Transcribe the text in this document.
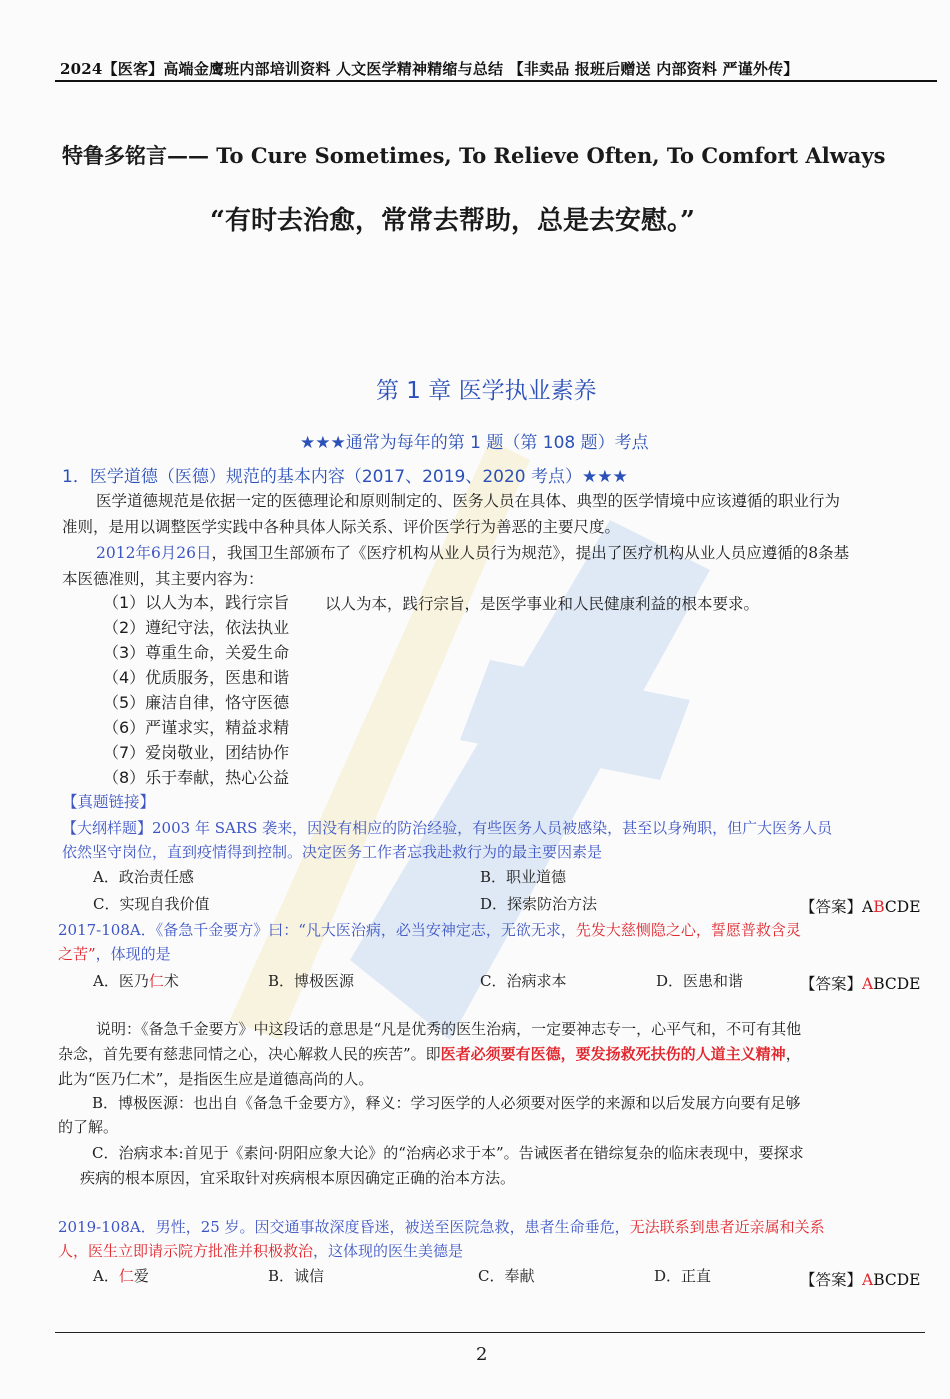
2024【医客】高端金鹰班内部培训资料 人文医学精神精缩与总结 【非卖品 报班后赠送 内部资料 严谨外传】
特鲁多铭言—— To Cure Sometimes, To Relieve Often, To Comfort Always
“有时去治愈，常常去帮助，总是去安慰。”
第 1 章 医学执业素养
★★★通常为每年的第 1 题（第 108 题）考点
1．医学道德（医德）规范的基本内容（2017、2019、2020 考点）★★★
医学道德规范是依据一定的医德理论和原则制定的、医务人员在具体、典型的医学情境中应该遵循的职业行为
准则，是用以调整医学实践中各种具体人际关系、评价医学行为善恶的主要尺度。
2012年6月26日，我国卫生部颁布了《医疗机构从业人员行为规范》，提出了医疗机构从业人员应遵循的8条基
本医德准则，其主要内容为：
（1）以人为本，践行宗旨 以人为本，践行宗旨，是医学事业和人民健康利益的根本要求。
（2）遵纪守法，依法执业
（3）尊重生命，关爱生命
（4）优质服务，医患和谐
（5）廉洁自律，恪守医德
（6）严谨求实，精益求精
（7）爱岗敬业，团结协作
（8）乐于奉献，热心公益
【真题链接】
【大纲样题】2003 年 SARS 袭来，因没有相应的防治经验，有些医务人员被感染，甚至以身殉职，但广大医务人员
依然坚守岗位，直到疫情得到控制。决定医务工作者忘我赴救行为的最主要因素是
A．政治责任感	B．职业道德
C．实现自我价值	D．探索防治方法	【答案】ABCDE
2017-108A．《备急千金要方》曰：“凡大医治病，必当安神定志，无欲无求，先发大慈恻隐之心，誓愿普救含灵
之苦”，体现的是
A．医乃仁术	B．博极医源	C．治病求本	D．医患和谐	【答案】ABCDE
说明：《备急千金要方》中这段话的意思是“凡是优秀的医生治病，一定要神志专一，心平气和，不可有其他
杂念，首先要有慈悲同情之心，决心解救人民的疾苦”。即医者必须要有医德，要发扬救死扶伤的人道主义精神，
此为“医乃仁术”，是指医生应是道德高尚的人。
B．博极医源：也出自《备急千金要方》，释义：学习医学的人必须要对医学的来源和以后发展方向要有足够
的了解。
C．治病求本:首见于《素问·阴阳应象大论》的“治病必求于本”。告诫医者在错综复杂的临床表现中，要探求
疾病的根本原因，宜采取针对疾病根本原因确定正确的治本方法。
2019-108A．男性，25 岁。因交通事故深度昏迷，被送至医院急救，患者生命垂危，无法联系到患者近亲属和关系
人，医生立即请示院方批准并积极救治，这体现的医生美德是
A．仁爱	B．诚信	C．奉献	D．正直	【答案】ABCDE
2
